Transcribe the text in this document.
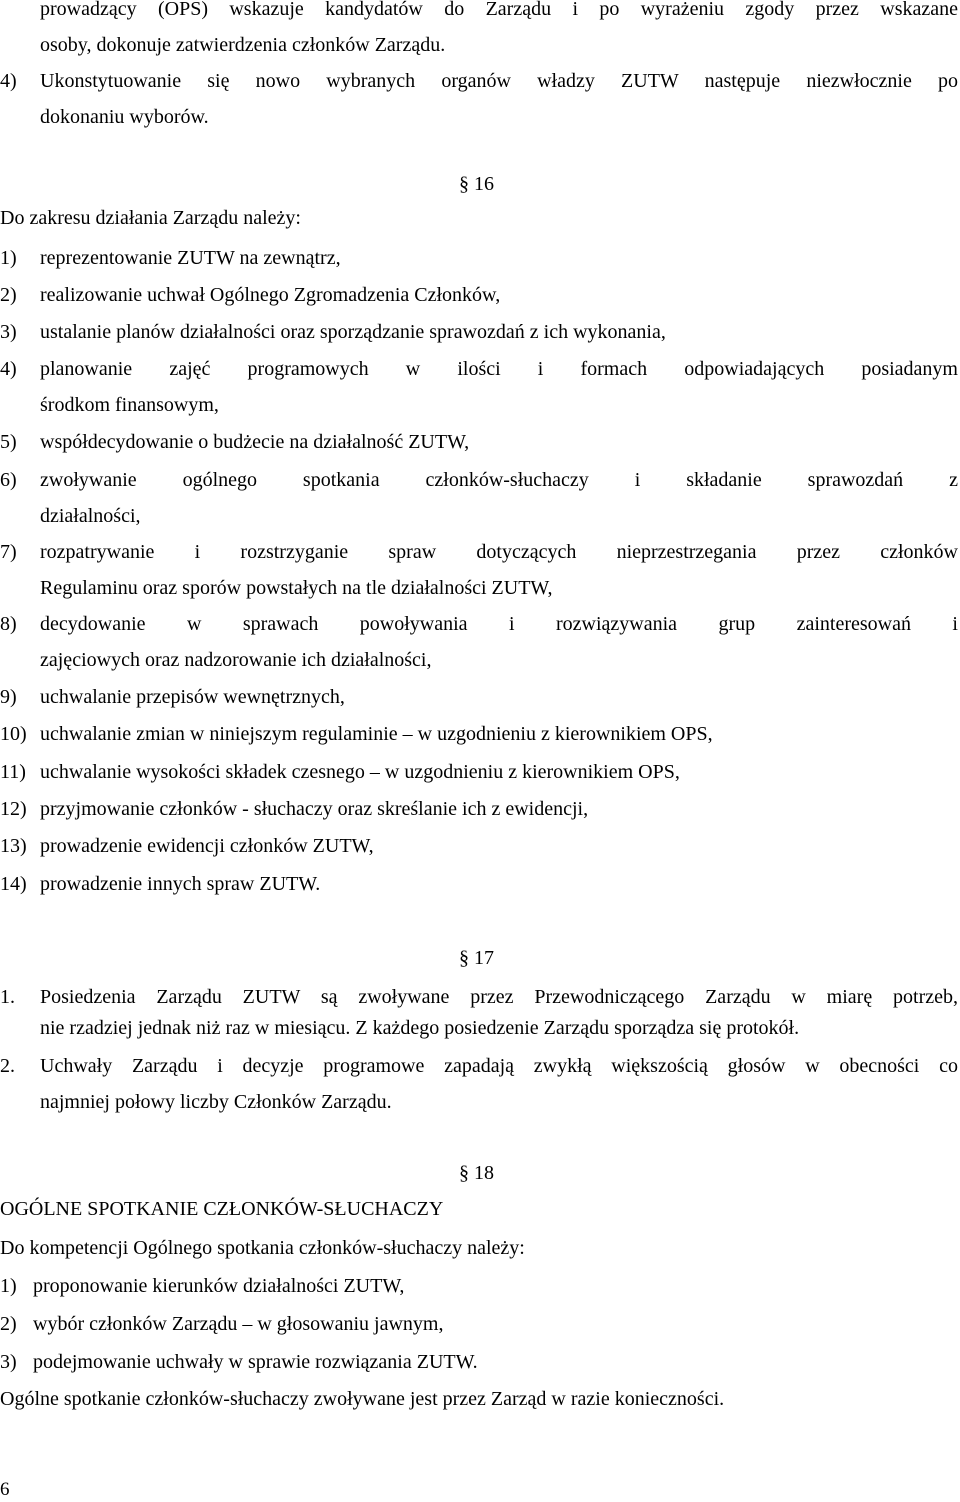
prowadzący (OPS) wskazuje kandydatów do Zarządu i po wyrażeniu zgody przez wskazane
osoby, dokonuje zatwierdzenia członków Zarządu.
4) Ukonstytuowanie się nowo wybranych organów władzy ZUTW następuje niezwłocznie po
dokonaniu wyborów.
§ 16
Do zakresu działania Zarządu należy:
1) reprezentowanie ZUTW na zewnątrz,
2) realizowanie uchwał Ogólnego Zgromadzenia Członków,
3) ustalanie planów działalności oraz sporządzanie sprawozdań z ich wykonania,
4) planowanie zajęć programowych w ilości i formach odpowiadających posiadanym
środkom finansowym,
5) współdecydowanie o budżecie na działalność ZUTW,
6) zwoływanie ogólnego spotkania członków-słuchaczy i składanie sprawozdań z
działalności,
7) rozpatrywanie i rozstrzyganie spraw dotyczących nieprzestrzegania przez członków
Regulaminu oraz sporów powstałych na tle działalności ZUTW,
8) decydowanie w sprawach powoływania i rozwiązywania grup zainteresowań i
zajęciowych oraz nadzorowanie ich działalności,
9) uchwalanie przepisów wewnętrznych,
10) uchwalanie zmian w niniejszym regulaminie – w uzgodnieniu z kierownikiem OPS,
11) uchwalanie wysokości składek czesnego – w uzgodnieniu z kierownikiem OPS,
12) przyjmowanie członków - słuchaczy oraz skreślanie ich z ewidencji,
13) prowadzenie ewidencji członków ZUTW,
14) prowadzenie innych spraw ZUTW.
§ 17
1. Posiedzenia Zarządu ZUTW są zwoływane przez Przewodniczącego Zarządu w miarę potrzeb,
nie rzadziej jednak niż raz w miesiącu. Z każdego posiedzenie Zarządu sporządza się protokół.
2. Uchwały Zarządu i decyzje programowe zapadają zwykłą większością głosów w obecności co
najmniej połowy liczby Członków Zarządu.
§ 18
OGÓLNE SPOTKANIE CZŁONKÓW-SŁUCHACZY
Do kompetencji Ogólnego spotkania członków-słuchaczy należy:
1) proponowanie kierunków działalności ZUTW,
2) wybór członków Zarządu – w głosowaniu jawnym,
3) podejmowanie uchwały w sprawie rozwiązania ZUTW.
Ogólne spotkanie członków-słuchaczy zwoływane jest przez Zarząd w razie konieczności.
6
